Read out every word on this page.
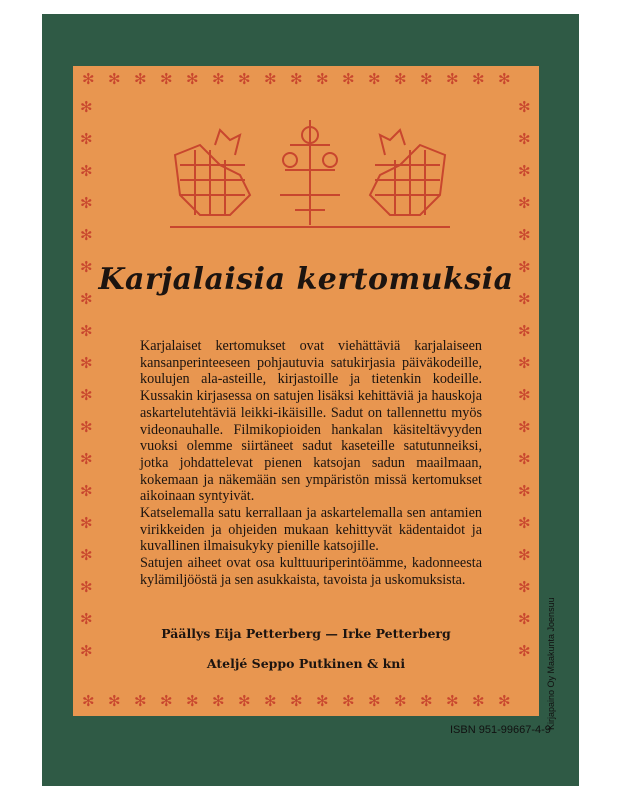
✻
✻
✻
✻
✻
✻
✻
✻
✻
✻
✻
✻
✻
✻
✻
✻
✻
✻
✻
✻
✻
✻
✻
✻
✻
✻
✻
✻
✻
✻
✻
✻
✻
✻
✻	✻
✻	✻
✻	✻
✻	✻
✻	✻
✻	✻
✻	✻
✻	✻
✻	✻
✻	✻
✻	✻
✻	✻
✻	✻
✻	✻
✻	✻
✻	✻
✻	✻
✻	✻
Karjalaisia kertomuksia

Karjalaiset kertomukset ovat viehättäviä karjalaiseen kansanperinteeseen pohjautuvia satukirjasia päiväkodeille, koulujen ala-asteille, kirjastoille ja tietenkin kodeille. Kussakin kirjasessa on satujen lisäksi kehittäviä ja hauskoja askartelutehtäviä leikki-ikäisille. Sadut on tallennettu myös videonauhalle. Filmikopioiden hankalan käsiteltävyyden vuoksi olemme siirtäneet sadut kaseteille satutunneiksi, jotka johdattelevat pienen katsojan sadun maailmaan, kokemaan ja näkemään sen ympäristön missä kertomukset aikoinaan syntyivät.

Katselemalla satu kerrallaan ja askartelemalla sen antamien virikkeiden ja ohjeiden mukaan kehittyvät kädentaidot ja kuvallinen ilmaisukyky pienille katsojille.

Satujen aiheet ovat osa kulttuuriperintöämme, kadonneesta kylämiljööstä ja sen asukkaista, tavoista ja uskomuksista.

Päällys Eija Petterberg — Irke Petterberg
Ateljé Seppo Putkinen & kni
ISBN 951-99667-4-9
Kirjapaino Oy Maakunta Joensuu
